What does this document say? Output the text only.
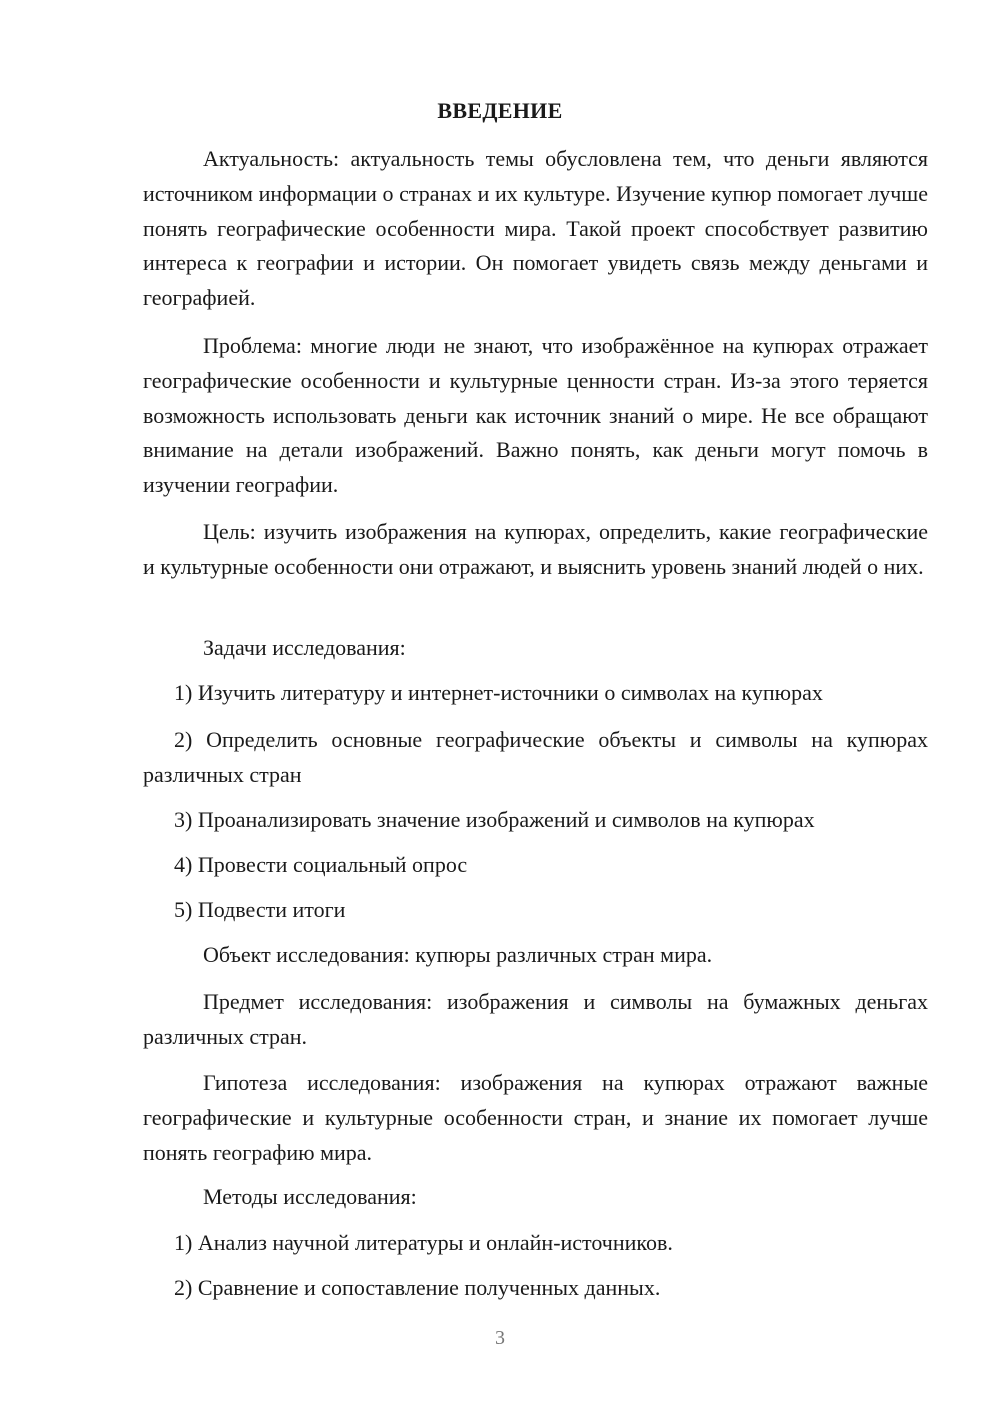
ВВЕДЕНИЕ

Актуальность: актуальность темы обусловлена тем, что деньги являются источником информации о странах и их культуре. Изучение купюр помогает лучше понять географические особенности мира. Такой проект способствует развитию интереса к географии и истории. Он помогает увидеть связь между деньгами и географией.

Проблема: многие люди не знают, что изображённое на купюрах отражает географические особенности и культурные ценности стран. Из-за этого теряется возможность использовать деньги как источник знаний о мире. Не все обращают внимание на детали изображений. Важно понять, как деньги могут помочь в изучении географии.

Цель: изучить изображения на купюрах, определить, какие географические и культурные особенности они отражают, и выяснить уровень знаний людей о них.

Задачи исследования:

1) Изучить литературу и интернет-источники о символах на купюрах

2) Определить основные географические объекты и символы на купюрах различных стран

3) Проанализировать значение изображений и символов на купюрах

4) Провести социальный опрос

5) Подвести итоги

Объект исследования: купюры различных стран мира.

Предмет исследования: изображения и символы на бумажных деньгах различных стран.

Гипотеза исследования: изображения на купюрах отражают важные географические и культурные особенности стран, и знание их помогает лучше понять географию мира.

Методы исследования:

1) Анализ научной литературы и онлайн-источников.

2) Сравнение и сопоставление полученных данных.

3
